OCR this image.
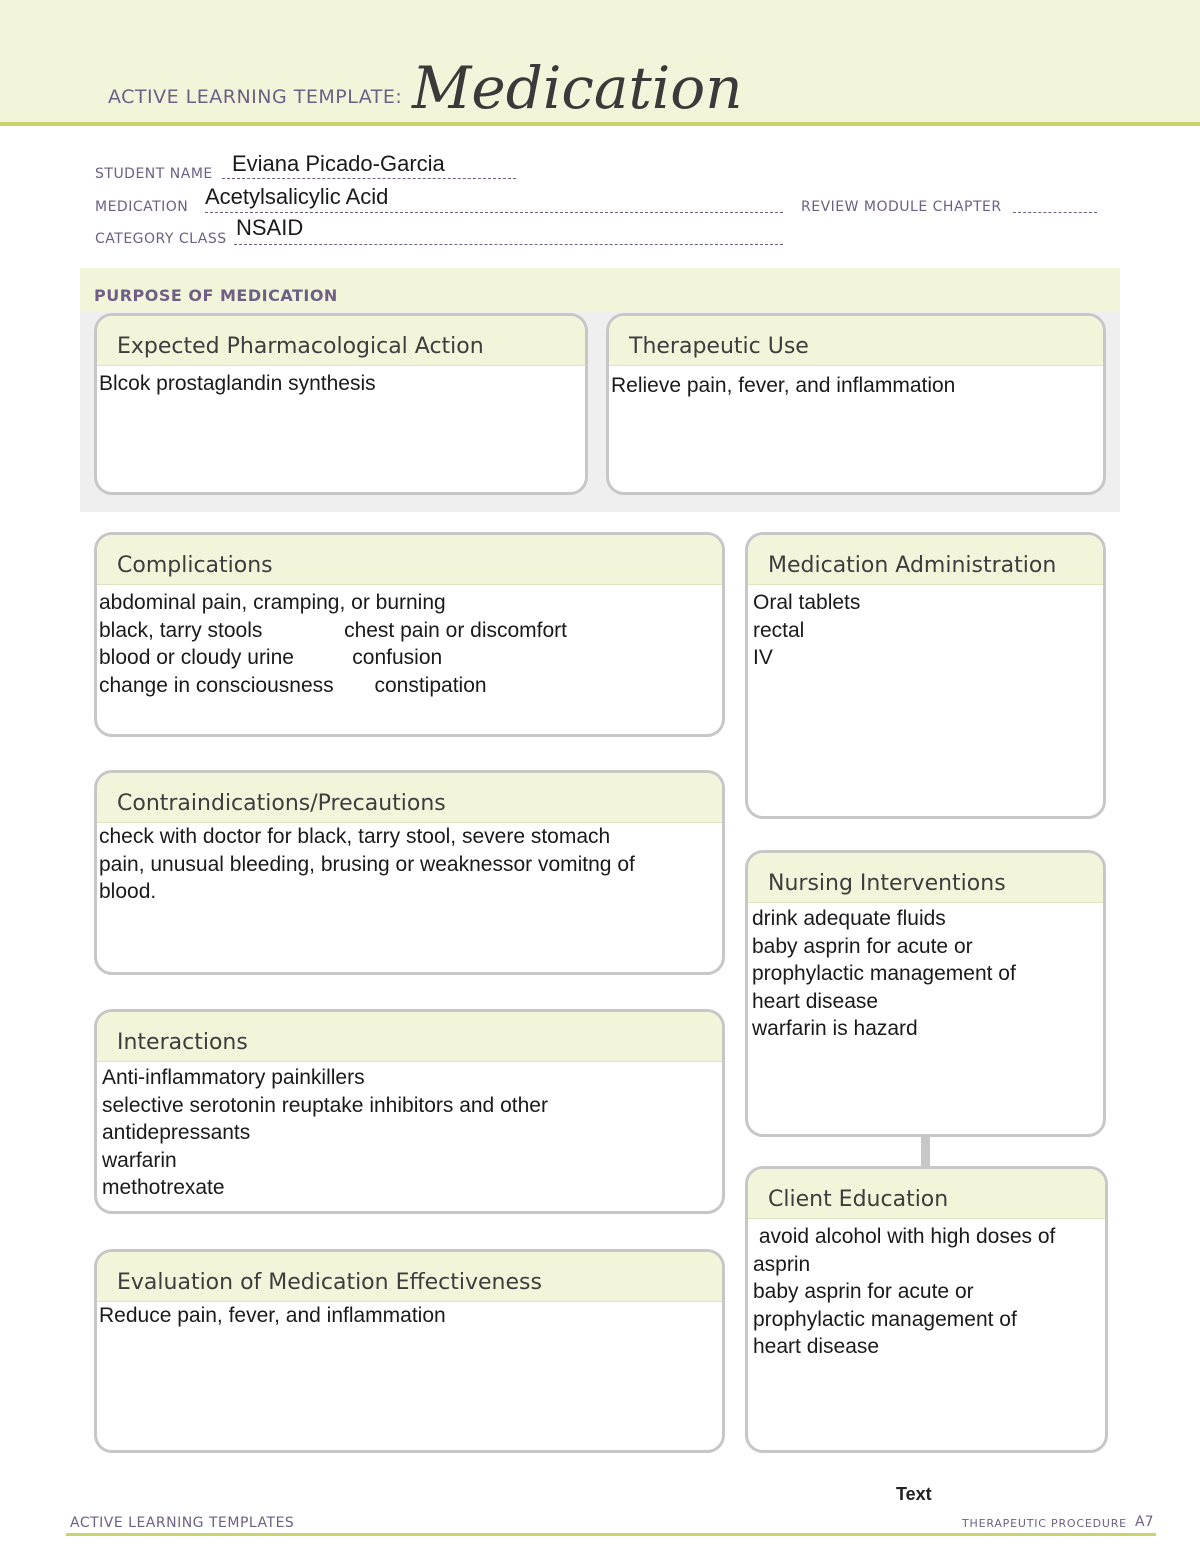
ACTIVE LEARNING TEMPLATE: Medication
STUDENT NAME Eviana Picado-Garcia
MEDICATION Acetylsalicylic Acid	REVIEW MODULE CHAPTER
CATEGORY CLASS NSAID
PURPOSE OF MEDICATION
Expected Pharmacological Action
Blcok prostaglandin synthesis
Therapeutic Use
Relieve pain, fever, and inflammation
Complications
abdominal pain, cramping, or burning
black, tarry stools              chest pain or discomfort
blood or cloudy urine          confusion
change in consciousness       constipation
Medication Administration
Oral tablets
rectal
IV
Contraindications/Precautions
check with doctor for black, tarry stool, severe stomach
pain, unusual bleeding, brusing or weaknessor vomitng of
blood.	Nursing Interventions
drink adequate fluids
baby asprin for acute or
prophylactic management of
heart disease
warfarin is hazard
Interactions
Anti-inflammatory painkillers
selective serotonin reuptake inhibitors and other
antidepressants
warfarin
methotrexate	Client Education
avoid alcohol with high doses of
asprin
baby asprin for acute or
prophylactic management of
heart disease
Evaluation of Medication Effectiveness
Reduce pain, fever, and inflammation
Text
ACTIVE LEARNING TEMPLATES	THERAPEUTIC PROCEDURE A7
